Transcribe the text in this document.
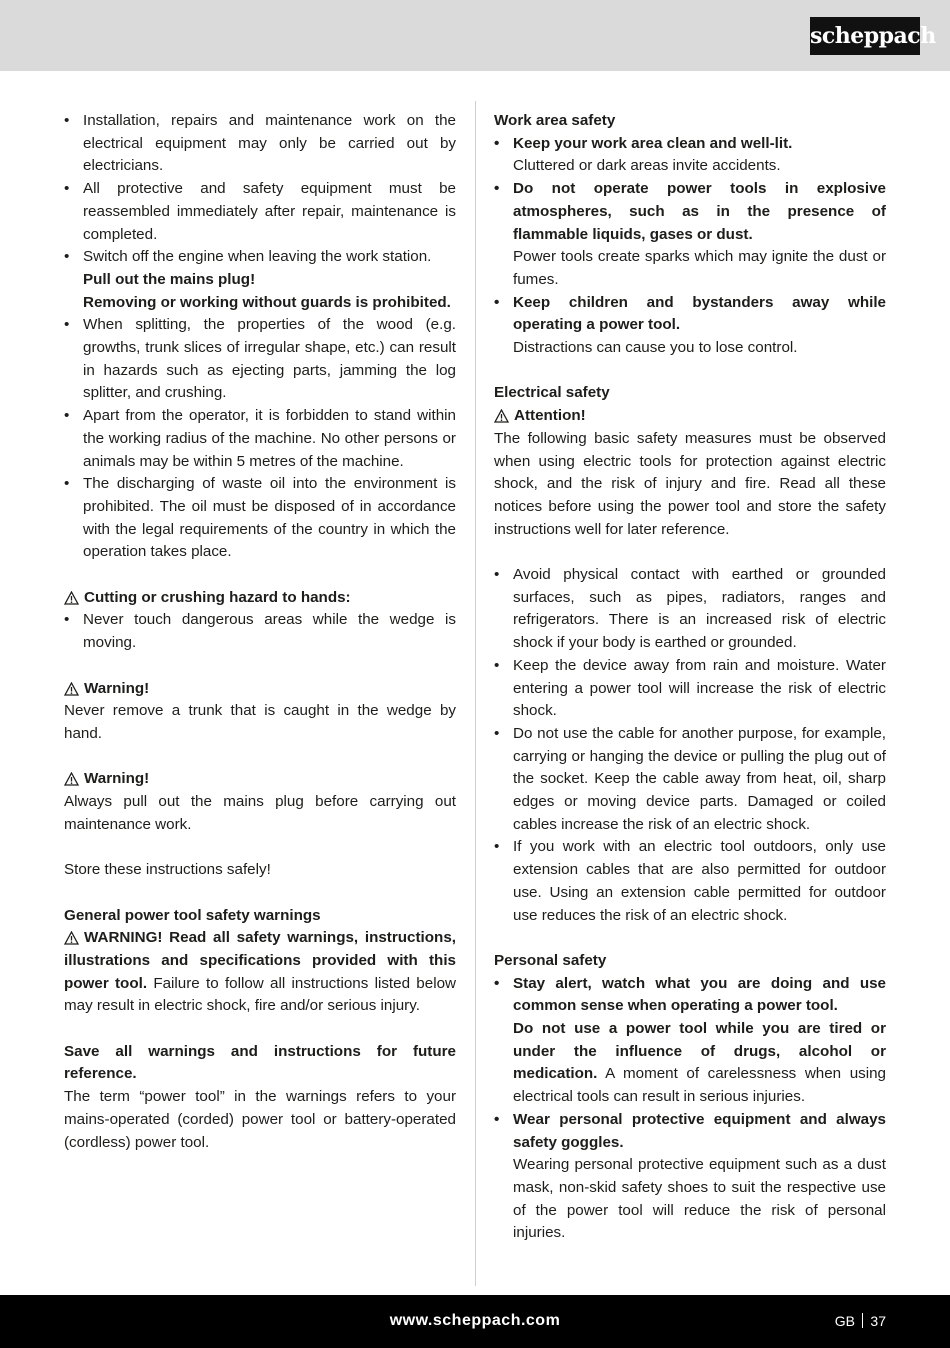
scheppach
• Installation, repairs and maintenance work on the electrical equipment may only be carried out by electricians.
• All protective and safety equipment must be reassembled immediately after repair, maintenance is completed.
• Switch off the engine when leaving the work station.
Pull out the mains plug!
Removing or working without guards is prohibited.
• When splitting, the properties of the wood (e.g. growths, trunk slices of irregular shape, etc.) can result in hazards such as ejecting parts, jamming the log splitter, and crushing.
• Apart from the operator, it is forbidden to stand within the working radius of the machine. No other persons or animals may be within 5 metres of the machine.
• The discharging of waste oil into the environment is prohibited. The oil must be disposed of in accordance with the legal requirements of the country in which the operation takes place.
Cutting or crushing hazard to hands:
• Never touch dangerous areas while the wedge is moving.
Warning!

Never remove a trunk that is caught in the wedge by hand.

Warning!

Always pull out the mains plug before carrying out maintenance work.

Store these instructions safely!

General power tool safety warnings

WARNING! Read all safety warnings, instructions, illustrations and specifications provided with this power tool. Failure to follow all instructions listed below may result in electric shock, fire and/or serious injury.

Save all warnings and instructions for future reference.

The term “power tool” in the warnings refers to your mains-operated (corded) power tool or battery-operated (cordless) power tool.

Work area safety
• Keep your work area clean and well-lit.
Cluttered or dark areas invite accidents.
• Do not operate power tools in explosive atmospheres, such as in the presence of flammable liquids, gases or dust.
Power tools create sparks which may ignite the dust or fumes.
• Keep children and bystanders away while operating a power tool.
Distractions can cause you to lose control.
Electrical safety
Attention!

The following basic safety measures must be observed when using electric tools for protection against electric shock, and the risk of injury and fire. Read all these notices before using the power tool and store the safety instructions well for later reference.

• Avoid physical contact with earthed or grounded surfaces, such as pipes, radiators, ranges and refrigerators. There is an increased risk of electric shock if your body is earthed or grounded.
• Keep the device away from rain and moisture. Water entering a power tool will increase the risk of electric shock.
• Do not use the cable for another purpose, for example, carrying or hanging the device or pulling the plug out of the socket. Keep the cable away from heat, oil, sharp edges or moving device parts. Damaged or coiled cables increase the risk of an electric shock.
• If you work with an electric tool outdoors, only use extension cables that are also permitted for outdoor use. Using an extension cable permitted for outdoor use reduces the risk of an electric shock.
Personal safety
• Stay alert, watch what you are doing and use common sense when operating a power tool.
Do not use a power tool while you are tired or under the influence of drugs, alcohol or medication. A moment of carelessness when using electrical tools can result in serious injuries.
• Wear personal protective equipment and always safety goggles.
Wearing personal protective equipment such as a dust mask, non-skid safety shoes to suit the respective use of the power tool will reduce the risk of personal injuries.
www.scheppach.com	GB 37
